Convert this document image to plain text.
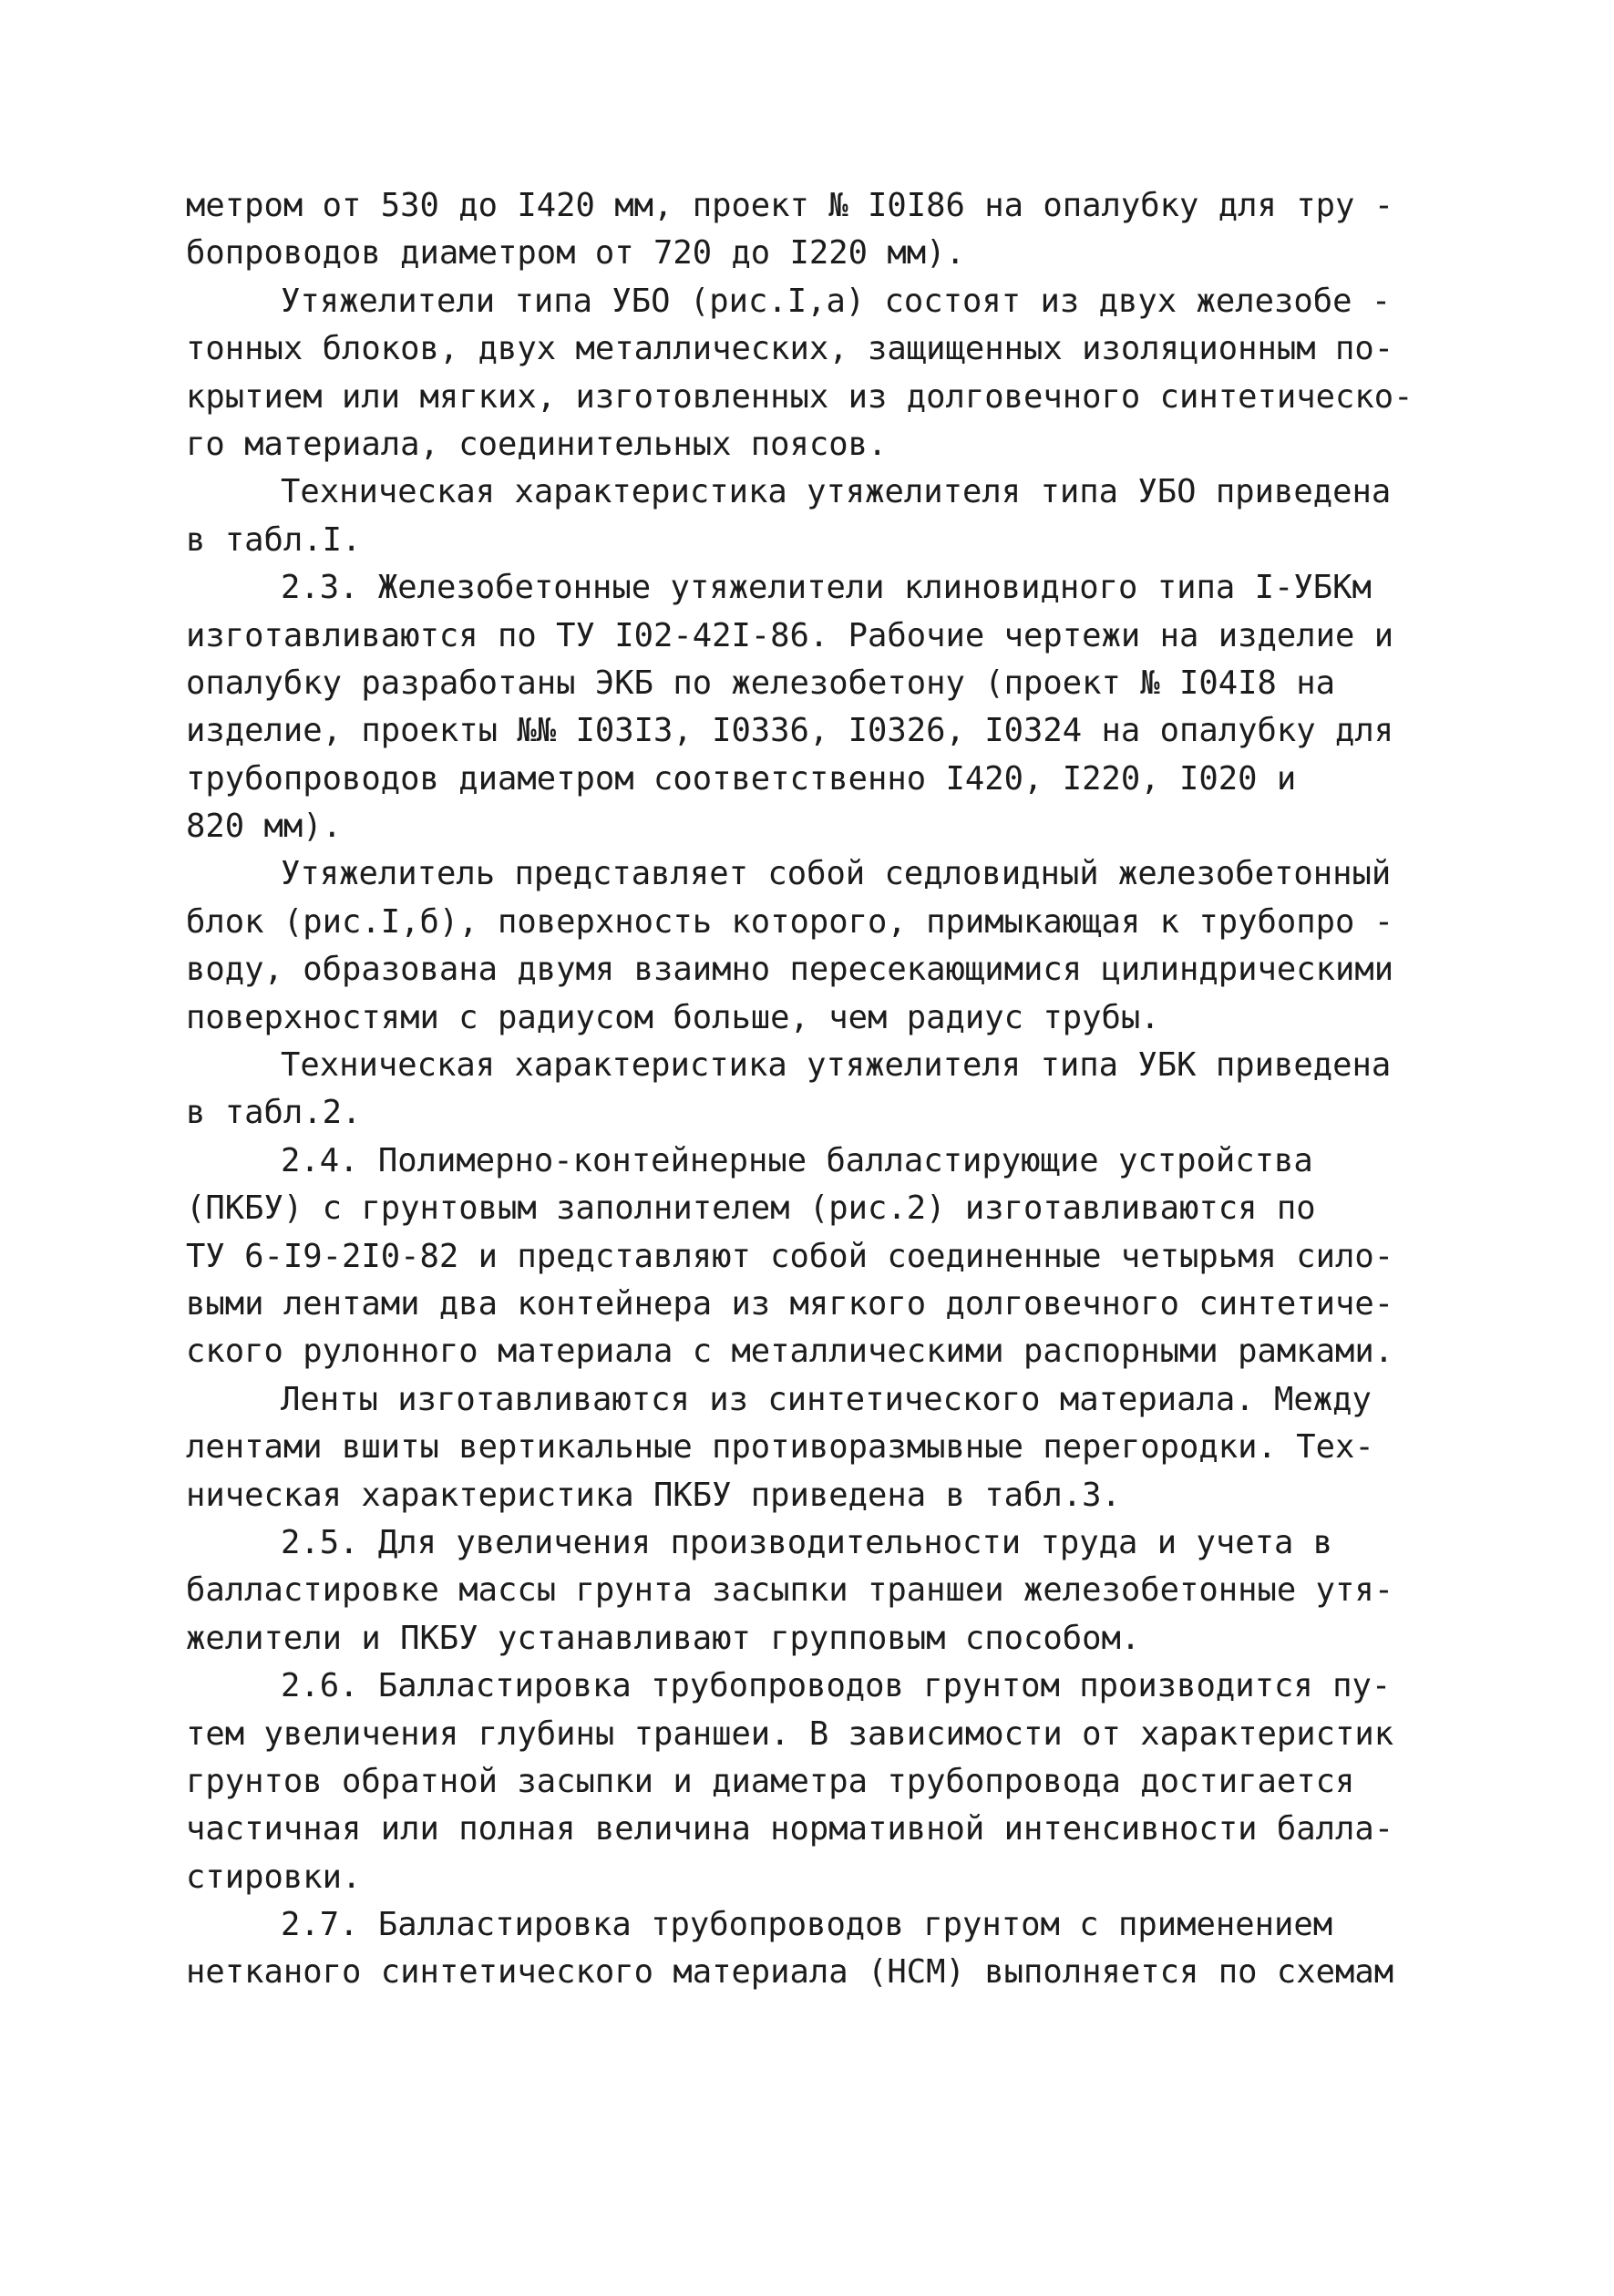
метром от 530 до I420 мм, проект № I0I86 на опалубку для тру -
бопроводов диаметром от 720 до I220 мм).
Утяжелители типа УБО (рис.I,а) состоят из двух железобе -
тонных блоков, двух металлических, защищенных изоляционным по-
крытием или мягких, изготовленных из долговечного синтетическо-
го материала, соединительных поясов.
Техническая характеристика утяжелителя типа УБО приведена
в табл.I.
2.3. Железобетонные утяжелители клиновидного типа I-УБКм
изготавливаются по ТУ I02-42I-86. Рабочие чертежи на изделие и
опалубку разработаны ЭКБ по железобетону (проект № I04I8 на
изделие, проекты №№ I03I3, I0336, I0326, I0324 на опалубку для
трубопроводов диаметром соответственно I420, I220, I020 и
820 мм).
Утяжелитель представляет собой седловидный железобетонный
блок (рис.I,б), поверхность которого, примыкающая к трубопро -
воду, образована двумя взаимно пересекающимися цилиндрическими
поверхностями с радиусом больше, чем радиус трубы.
Техническая характеристика утяжелителя типа УБК приведена
в табл.2.
2.4. Полимерно-контейнерные балластирующие устройства
(ПКБУ) с грунтовым заполнителем (рис.2) изготавливаются по
ТУ 6-I9-2I0-82 и представляют собой соединенные четырьмя сило-
выми лентами два контейнера из мягкого долговечного синтетиче-
ского рулонного материала с металлическими распорными рамками.
Ленты изготавливаются из синтетического материала. Между
лентами вшиты вертикальные противоразмывные перегородки. Тех-
ническая характеристика ПКБУ приведена в табл.3.
2.5. Для увеличения производительности труда и учета в
балластировке массы грунта засыпки траншеи железобетонные утя-
желители и ПКБУ устанавливают групповым способом.
2.6. Балластировка трубопроводов грунтом производится пу-
тем увеличения глубины траншеи. В зависимости от характеристик
грунтов обратной засыпки и диаметра трубопровода достигается
частичная или полная величина нормативной интенсивности балла-
стировки.
2.7. Балластировка трубопроводов грунтом с применением
нетканого синтетического материала (НСМ) выполняется по схемам
